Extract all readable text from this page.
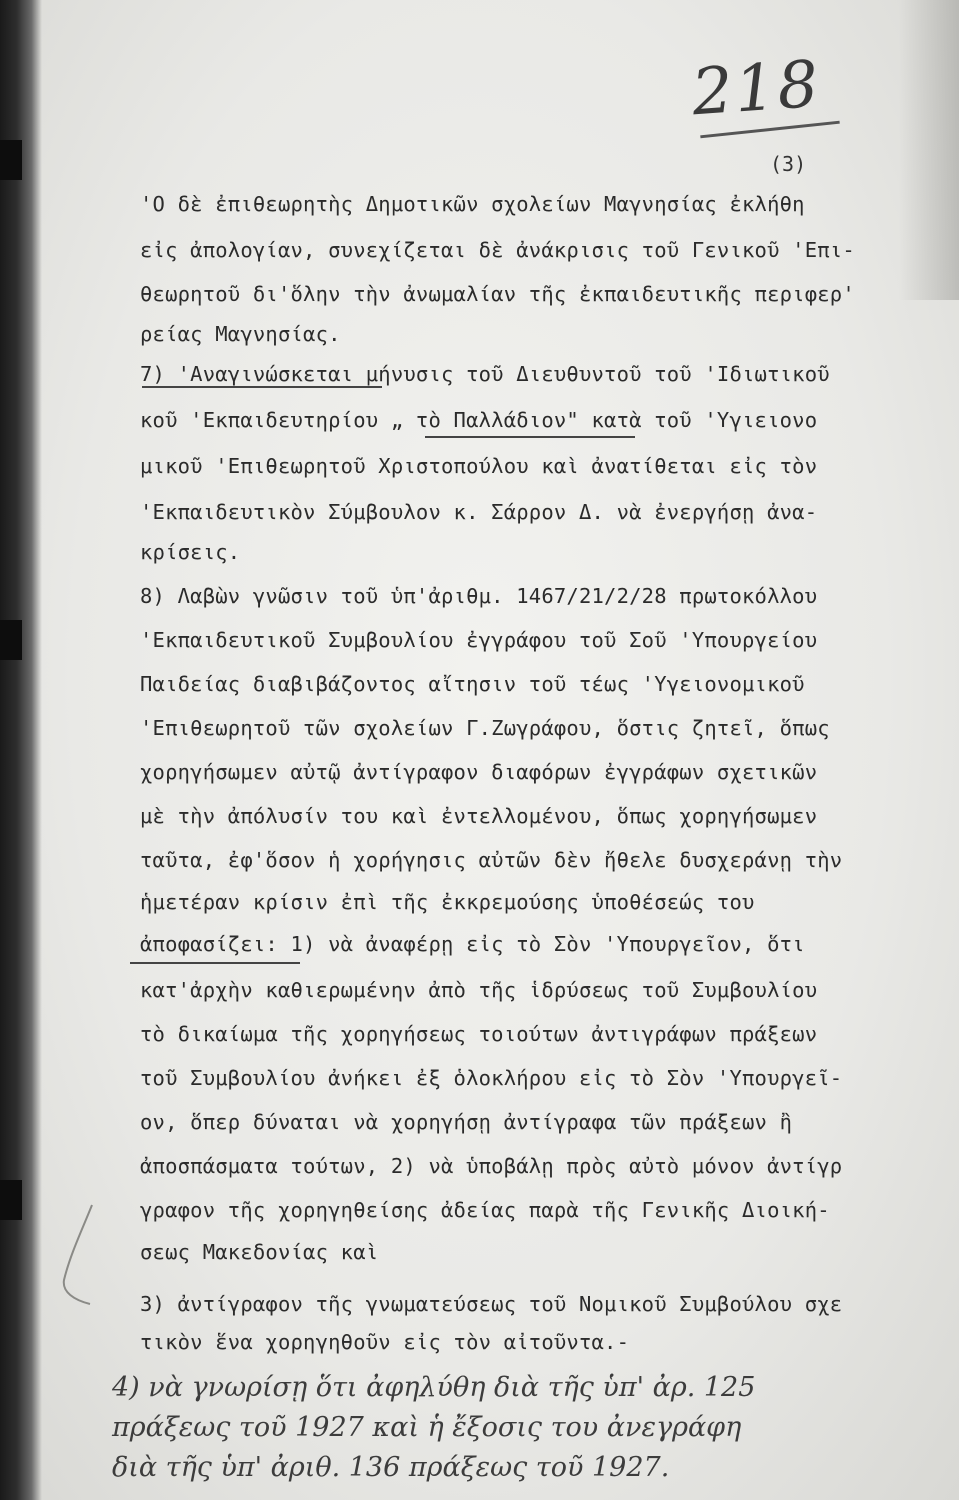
218
(3)
'Ο δὲ ἐπιθεωρητὴς Δημοτικῶν σχολείων Μαγνησίας ἐκλήθη
εἰς ἀπολογίαν, συνεχίζεται δὲ ἀνάκρισις τοῦ Γενικοῦ 'Επι-
θεωρητοῦ δι'ὅλην τὴν ἀνωμαλίαν τῆς ἐκπαιδευτικῆς περιφερ'
ρείας Μαγνησίας.
7) 'Αναγινώσκεται μήνυσις τοῦ Διευθυντοῦ τοῦ 'Ιδιωτικοῦ
κοῦ 'Εκπαιδευτηρίου „ τὸ Παλλάδιον" κατὰ τοῦ 'Υγιειονο
μικοῦ 'Επιθεωρητοῦ Χριστοπούλου καὶ ἀνατίθεται εἰς τὸν
'Εκπαιδευτικὸν Σύμβουλον κ. Σάρρον Δ. νὰ ἐνεργήσῃ ἀνα-
κρίσεις.
8) Λαβὼν γνῶσιν τοῦ ὑπ'ἀριθμ. 1467/21/2/28 πρωτοκόλλου
'Εκπαιδευτικοῦ Συμβουλίου ἐγγράφου τοῦ Σοῦ 'Υπουργείου
Παιδείας διαβιβάζοντος αἴτησιν τοῦ τέως 'Υγειονομικοῦ
'Επιθεωρητοῦ τῶν σχολείων Γ.Ζωγράφου, ὅστις ζητεῖ, ὅπως
χορηγήσωμεν αὐτῷ ἀντίγραφον διαφόρων ἐγγράφων σχετικῶν
μὲ τὴν ἀπόλυσίν του καὶ ἐντελλομένου, ὅπως χορηγήσωμεν
ταῦτα, ἐφ'ὅσον ἡ χορήγησις αὐτῶν δὲν ἤθελε δυσχεράνῃ τὴν
ἡμετέραν κρίσιν ἐπὶ τῆς ἐκκρεμούσης ὑποθέσεώς του
ἀποφασίζει: 1) νὰ ἀναφέρῃ εἰς τὸ Σὸν 'Υπουργεῖον, ὅτι
κατ'ἀρχὴν καθιερωμένην ἀπὸ τῆς ἱδρύσεως τοῦ Συμβουλίου
τὸ δικαίωμα τῆς χορηγήσεως τοιούτων ἀντιγράφων πράξεων
τοῦ Συμβουλίου ἀνήκει ἐξ ὁλοκλήρου εἰς τὸ Σὸν 'Υπουργεῖ-
ον, ὅπερ δύναται νὰ χορηγήσῃ ἀντίγραφα τῶν πράξεων ἢ
ἀποσπάσματα τούτων, 2) νὰ ὑποβάλῃ πρὸς αὐτὸ μόνον ἀντίγρ
γραφον τῆς χορηγηθείσης ἀδείας παρὰ τῆς Γενικῆς Διοική-
σεως Μακεδονίας καὶ
3) ἀντίγραφον τῆς γνωματεύσεως τοῦ Νομικοῦ Συμβούλου σχε
τικὸν ἕνα χορηγηθοῦν εἰς τὸν αἰτοῦντα.-
4) νὰ γνωρίσῃ ὅτι ἀφηλύθη διὰ τῆς ὑπ' ἀρ. 125
πράξεως τοῦ 1927 καὶ ἡ ἔξοσις του ἀνεγράφη
διὰ τῆς ὑπ' ἀριθ. 136 πράξεως τοῦ 1927.
